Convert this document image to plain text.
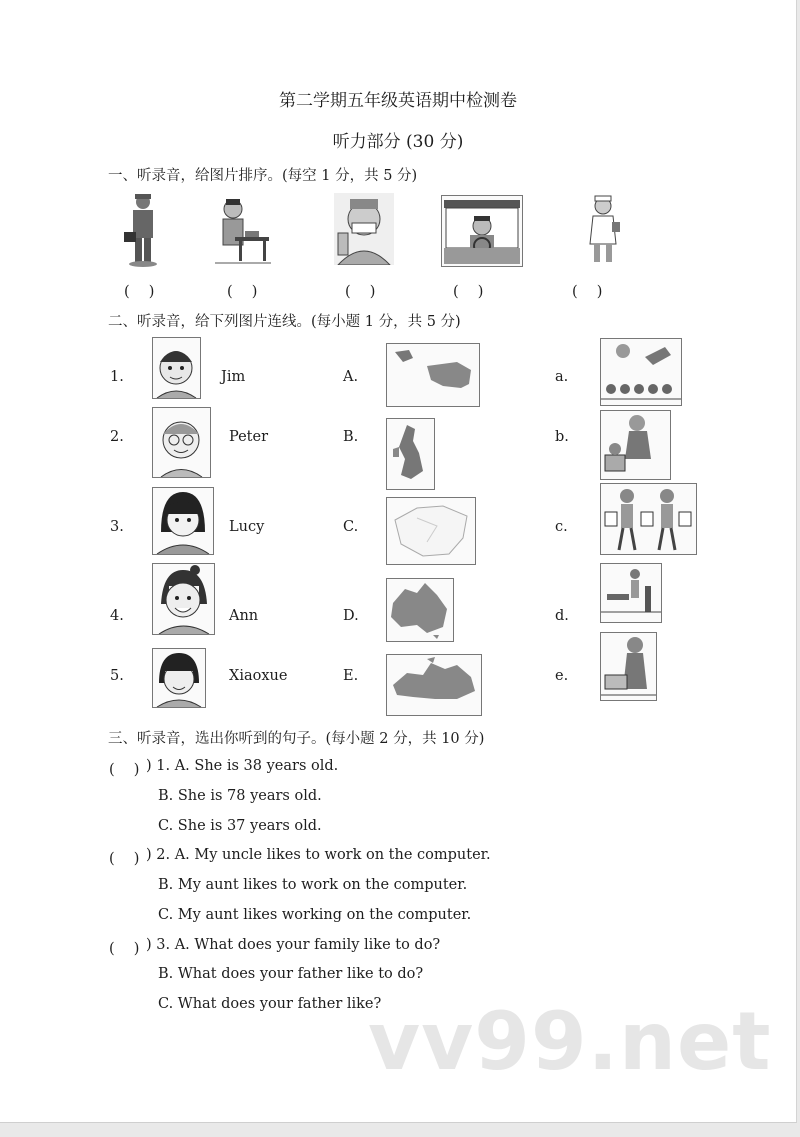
第二学期五年级英语期中检测卷
听力部分 (30 分)
一、听录音，给图片排序。(每空 1 分，共 5 分)
(　 )	(　 )	(　 )	(　 )	(　 )
二、听录音，给下列图片连线。(每小题 1 分，共 5 分)
1.	Jim	A.	a.
2.	Peter	B.	b.
3.	Lucy	C.	c.
4.	Ann	D.	d.
5.	Xiaoxue	E.	e.
三、听录音，选出你听到的句子。(每小题 2 分，共 10 分)
(　 ) ) 1. A. She is 38 years old.
B. She is 78 years old.
C. She is 37 years old.
(　 ) ) 2. A. My uncle likes to work on the computer.
B. My aunt likes to work on the computer.
C. My aunt likes working on the computer.
(　 ) ) 3. A. What does your family like to do?
B. What does your father like to do?
C. What does your father like?
vv99.net
